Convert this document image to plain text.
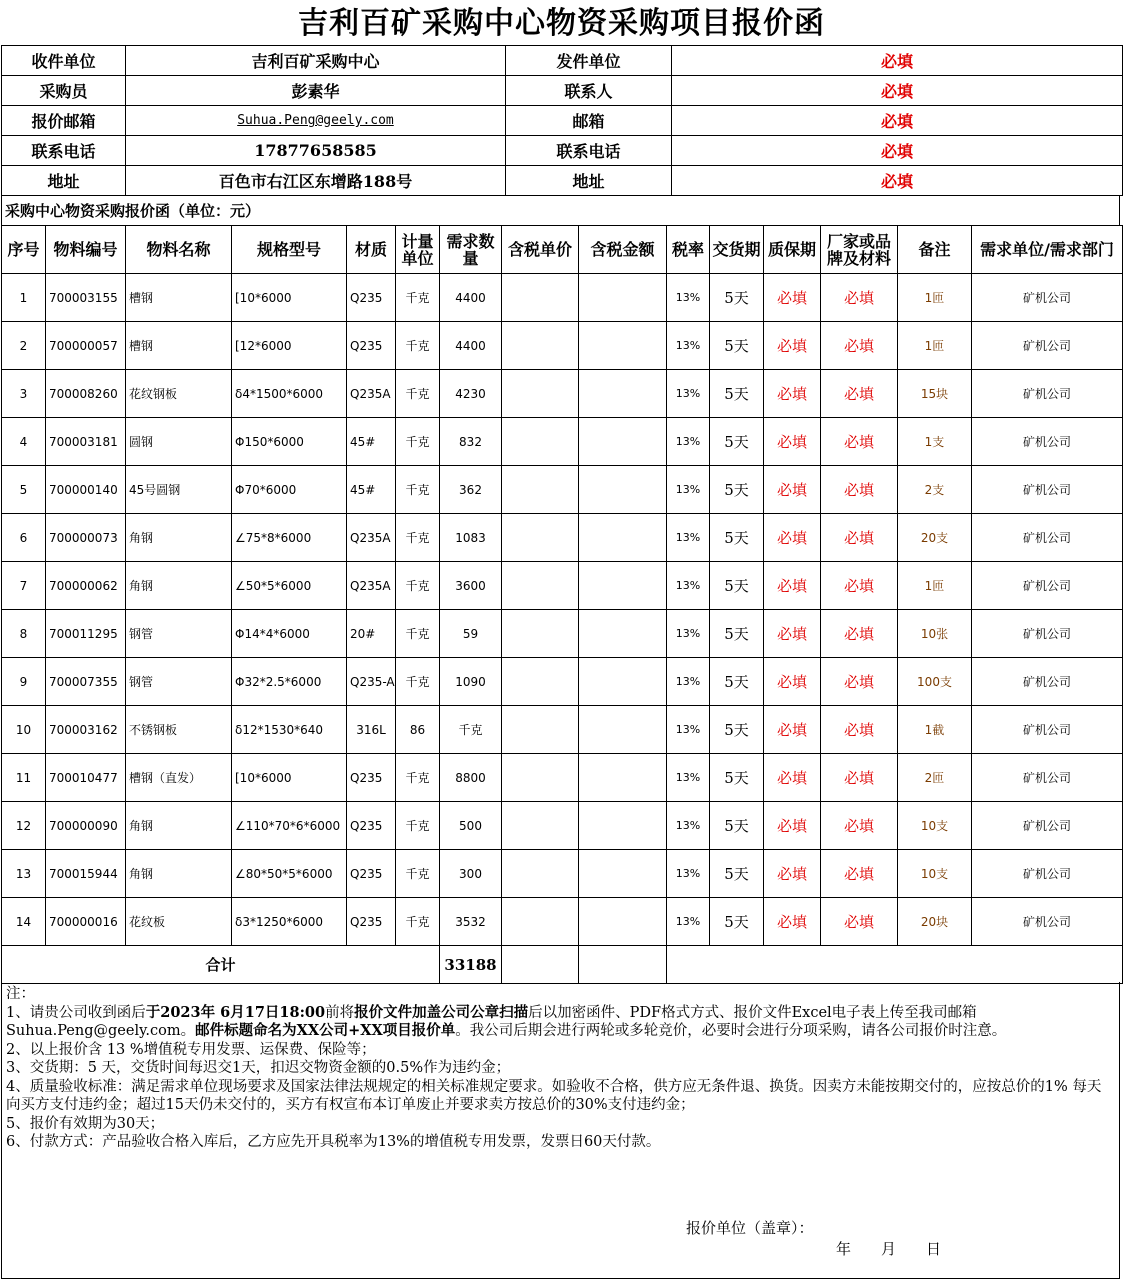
吉利百矿采购中心物资采购项目报价函
收件单位	吉利百矿采购中心	发件单位	必填
采购员	彭素华	联系人	必填
报价邮箱	Suhua.Peng@geely.com	邮箱	必填
联系电话	17877658585	联系电话	必填
地址	百色市右江区东增路188号	地址	必填
采购中心物资采购报价函（单位：元）
序号	物料编号	物料名称	规格型号	材质	计量单位	需求数量	含税单价	含税金额	税率	交货期	质保期	厂家或品牌及材料	备注	需求单位/需求部门
1	700003155	槽钢	[10*6000	Q235	千克	4400			13%	5天	必填	必填	1匝	矿机公司
2	700000057	槽钢	[12*6000	Q235	千克	4400			13%	5天	必填	必填	1匝	矿机公司
3	700008260	花纹钢板	δ4*1500*6000	Q235A	千克	4230			13%	5天	必填	必填	15块	矿机公司
4	700003181	圆钢	Φ150*6000	45#	千克	832			13%	5天	必填	必填	1支	矿机公司
5	700000140	45号圆钢	Φ70*6000	45#	千克	362			13%	5天	必填	必填	2支	矿机公司
6	700000073	角钢	∠75*8*6000	Q235A	千克	1083			13%	5天	必填	必填	20支	矿机公司
7	700000062	角钢	∠50*5*6000	Q235A	千克	3600			13%	5天	必填	必填	1匝	矿机公司
8	700011295	钢管	Φ14*4*6000	20#	千克	59			13%	5天	必填	必填	10张	矿机公司
9	700007355	钢管	Φ32*2.5*6000	Q235-A	千克	1090			13%	5天	必填	必填	100支	矿机公司
10	700003162	不锈钢板	δ12*1530*640	316L	86	千克			13%	5天	必填	必填	1截	矿机公司
11	700010477	槽钢（直发）	[10*6000	Q235	千克	8800			13%	5天	必填	必填	2匝	矿机公司
12	700000090	角钢	∠110*70*6*6000	Q235	千克	500			13%	5天	必填	必填	10支	矿机公司
13	700015944	角钢	∠80*50*5*6000	Q235	千克	300			13%	5天	必填	必填	10支	矿机公司
14	700000016	花纹板	δ3*1250*6000	Q235	千克	3532			13%	5天	必填	必填	20块	矿机公司
合计						33188								

注：

1、请贵公司收到函后于2023年 6月17日18:00前将报价文件加盖公司公章扫描后以加密函件、PDF格式方式、报价文件Excel电子表上传至我司邮箱Suhua.Peng@geely.com。邮件标题命名为XX公司+XX项目报价单。我公司后期会进行两轮或多轮竞价，必要时会进行分项采购，请各公司报价时注意。

2、以上报价含 13 %增值税专用发票、运保费、保险等；

3、交货期：5 天，交货时间每迟交1天，扣迟交物资金额的0.5%作为违约金；

4、质量验收标准：满足需求单位现场要求及国家法律法规规定的相关标准规定要求。如验收不合格，供方应无条件退、换货。因卖方未能按期交付的，应按总价的1% 每天向买方支付违约金；超过15天仍未交付的，买方有权宣布本订单废止并要求卖方按总价的30%支付违约金；

5、报价有效期为30天；

6、付款方式：产品验收合格入库后，乙方应先开具税率为13%的增值税专用发票，发票日60天付款。

报价单位（盖章）：
年　　月　　日
